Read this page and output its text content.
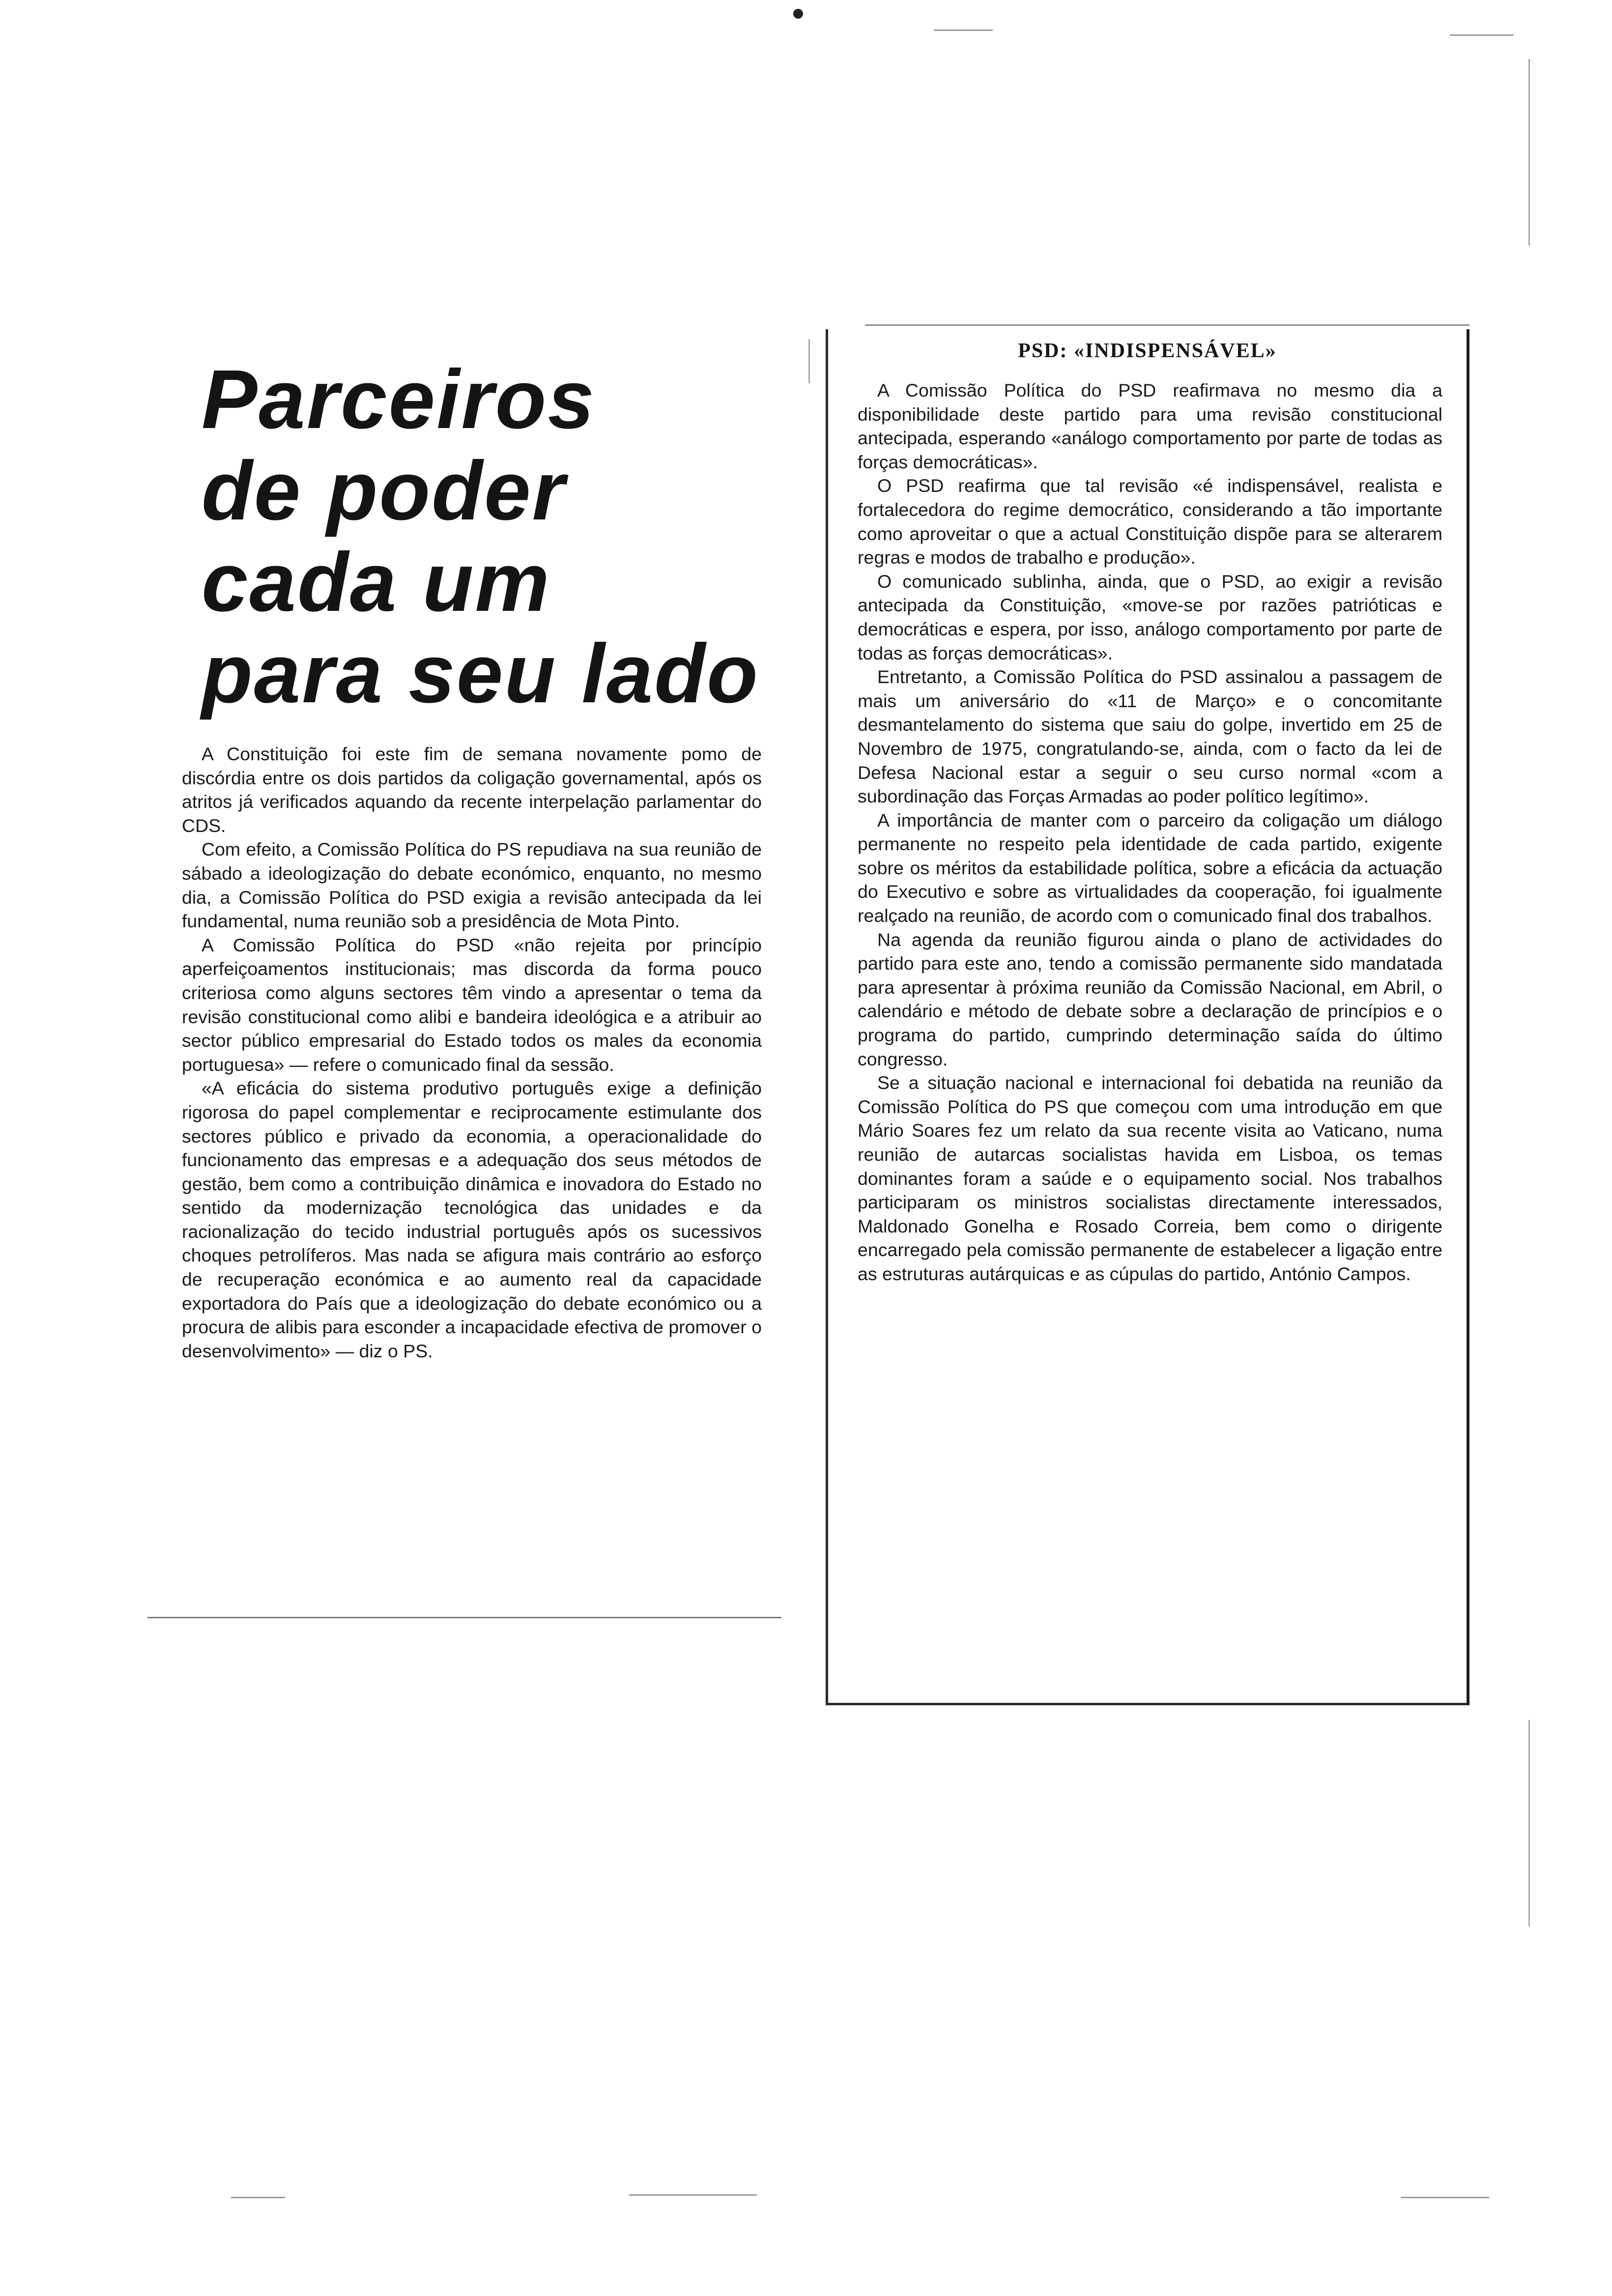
Parceiros
de poder
cada um
para seu lado

A Constituição foi este fim de semana novamente pomo de discórdia entre os dois partidos da coligação governamental, após os atritos já verificados aquando da recente interpelação parlamentar do CDS.

Com efeito, a Comissão Política do PS repudiava na sua reunião de sábado a ideologização do debate económico, enquanto, no mesmo dia, a Comissão Política do PSD exigia a revisão antecipada da lei fundamental, numa reunião sob a presidência de Mota Pinto.

A Comissão Política do PSD «não rejeita por princípio aperfeiçoamentos institucionais; mas discorda da forma pouco criteriosa como alguns sectores têm vindo a apresentar o tema da revisão constitucional como alibi e bandeira ideológica e a atribuir ao sector público empresarial do Estado todos os males da economia portuguesa» — refere o comunicado final da sessão.

«A eficácia do sistema produtivo português exige a definição rigorosa do papel complementar e reciprocamente estimulante dos sectores público e privado da economia, a operacionalidade do funcionamento das empresas e a adequação dos seus métodos de gestão, bem como a contribuição dinâmica e inovadora do Estado no sentido da modernização tecnológica das unidades e da racionalização do tecido industrial português após os sucessivos choques petrolíferos. Mas nada se afigura mais contrário ao esforço de recuperação económica e ao aumento real da capacidade exportadora do País que a ideologização do debate económico ou a procura de alibis para esconder a incapacidade efectiva de promover o desenvolvimento» — diz o PS.

PSD: «INDISPENSÁVEL»

A Comissão Política do PSD reafirmava no mesmo dia a disponibilidade deste partido para uma revisão constitucional antecipada, esperando «análogo comportamento por parte de todas as forças democráticas».

O PSD reafirma que tal revisão «é indispensável, realista e fortalecedora do regime democrático, considerando a tão importante como aproveitar o que a actual Constituição dispõe para se alterarem regras e modos de trabalho e produção».

O comunicado sublinha, ainda, que o PSD, ao exigir a revisão antecipada da Constituição, «move-se por razões patrióticas e democráticas e espera, por isso, análogo comportamento por parte de todas as forças democráticas».

Entretanto, a Comissão Política do PSD assinalou a passagem de mais um aniversário do «11 de Março» e o concomitante desmantelamento do sistema que saiu do golpe, invertido em 25 de Novembro de 1975, congratulando-se, ainda, com o facto da lei de Defesa Nacional estar a seguir o seu curso normal «com a subordinação das Forças Armadas ao poder político legítimo».

A importância de manter com o parceiro da coligação um diálogo permanente no respeito pela identidade de cada partido, exigente sobre os méritos da estabilidade política, sobre a eficácia da actuação do Executivo e sobre as virtualidades da cooperação, foi igualmente realçado na reunião, de acordo com o comunicado final dos trabalhos.

Na agenda da reunião figurou ainda o plano de actividades do partido para este ano, tendo a comissão permanente sido mandatada para apresentar à próxima reunião da Comissão Nacional, em Abril, o calendário e método de debate sobre a declaração de princípios e o programa do partido, cumprindo determinação saída do último congresso.

Se a situação nacional e internacional foi debatida na reunião da Comissão Política do PS que começou com uma introdução em que Mário Soares fez um relato da sua recente visita ao Vaticano, numa reunião de autarcas socialistas havida em Lisboa, os temas dominantes foram a saúde e o equipamento social. Nos trabalhos participaram os ministros socialistas directamente interessados, Maldonado Gonelha e Rosado Correia, bem como o dirigente encarregado pela comissão permanente de estabelecer a ligação entre as estruturas autárquicas e as cúpulas do partido, António Campos.
